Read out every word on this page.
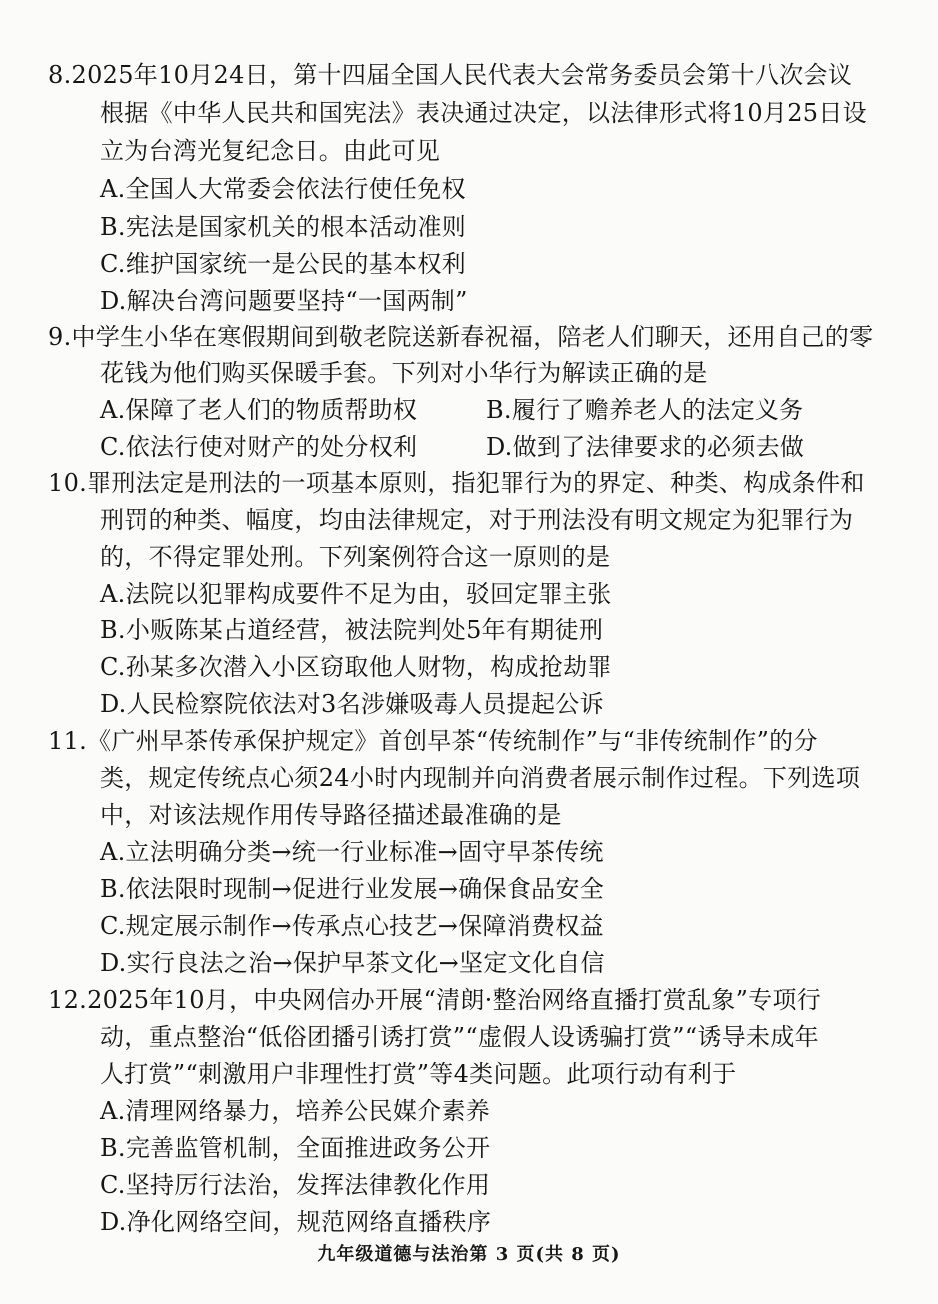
8.2025年10月24日，第十四届全国人民代表大会常务委员会第十八次会议
根据《中华人民共和国宪法》表决通过决定，以法律形式将10月25日设
立为台湾光复纪念日。由此可见
A.全国人大常委会依法行使任免权
B.宪法是国家机关的根本活动准则
C.维护国家统一是公民的基本权利
D.解决台湾问题要坚持“一国两制”
9.中学生小华在寒假期间到敬老院送新春祝福，陪老人们聊天，还用自己的零
花钱为他们购买保暖手套。下列对小华行为解读正确的是
A.保障了老人们的物质帮助权	B.履行了赡养老人的法定义务
C.依法行使对财产的处分权利	D.做到了法律要求的必须去做
10.罪刑法定是刑法的一项基本原则，指犯罪行为的界定、种类、构成条件和
刑罚的种类、幅度，均由法律规定，对于刑法没有明文规定为犯罪行为
的，不得定罪处刑。下列案例符合这一原则的是
A.法院以犯罪构成要件不足为由，驳回定罪主张
B.小贩陈某占道经营，被法院判处5年有期徒刑
C.孙某多次潜入小区窃取他人财物，构成抢劫罪
D.人民检察院依法对3名涉嫌吸毒人员提起公诉
11.《广州早茶传承保护规定》首创早茶“传统制作”与“非传统制作”的分
类，规定传统点心须24小时内现制并向消费者展示制作过程。下列选项
中，对该法规作用传导路径描述最准确的是
A.立法明确分类→统一行业标准→固守早茶传统
B.依法限时现制→促进行业发展→确保食品安全
C.规定展示制作→传承点心技艺→保障消费权益
D.实行良法之治→保护早茶文化→坚定文化自信
12.2025年10月，中央网信办开展“清朗·整治网络直播打赏乱象”专项行
动，重点整治“低俗团播引诱打赏”“虚假人设诱骗打赏”“诱导未成年
人打赏”“刺激用户非理性打赏”等4类问题。此项行动有利于
A.清理网络暴力，培养公民媒介素养
B.完善监管机制，全面推进政务公开
C.坚持厉行法治，发挥法律教化作用
D.净化网络空间，规范网络直播秩序
九年级道德与法治第 3 页(共 8 页)
